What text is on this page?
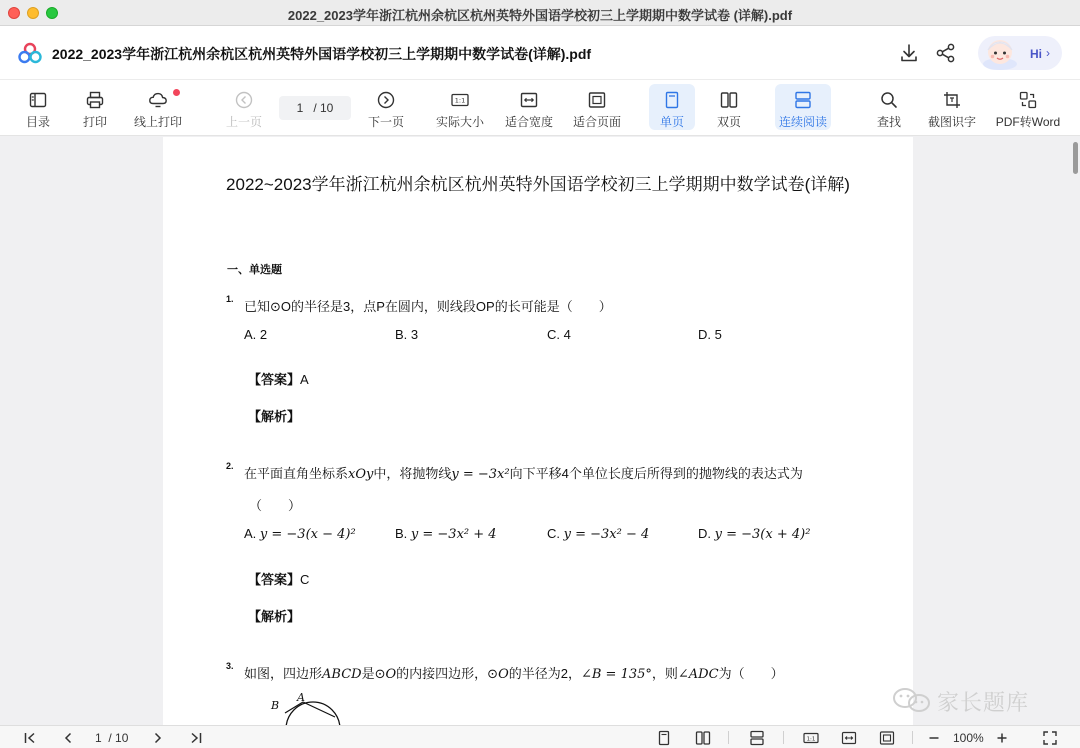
2022_2023学年浙江杭州余杭区杭州英特外国语学校初三上学期期中数学试卷 (详解).pdf
2022_2023学年浙江杭州余杭区杭州英特外国语学校初三上学期期中数学试卷(详解).pdf	Hi ›
目录	打印	线上打印	上一页	下一页
1:1
实际大小	适合宽度	适合页面	单页	双页	连续阅读	查找	截图识字 PDF转Word
1   / 10
2022~2023学年浙江杭州余杭区杭州英特外国语学校初三上学期期中数学试卷(详解)
一、单选题
1. 已知⊙O的半径是3，点P在圆内，则线段OP的长可能是（　　）
A. 2	B. 3	C. 4	D. 5
【答案】A
【解析】
2. 在平面直角坐标系xOy中，将抛物线y = −3x²向下平移4个单位长度后所得到的抛物线的表达式为
（　　）
A. y = −3(x − 4)²	B. y = −3x² + 4	C. y = −3x² − 4	D. y = −3(x + 4)²
【答案】C
【解析】
3. 如图，四边形ABCD是⊙O的内接四边形，⊙O的半径为2，∠B = 135°，则∠ADC为（　　）
A
B	家长题库
1  / 10	1:1	100%
